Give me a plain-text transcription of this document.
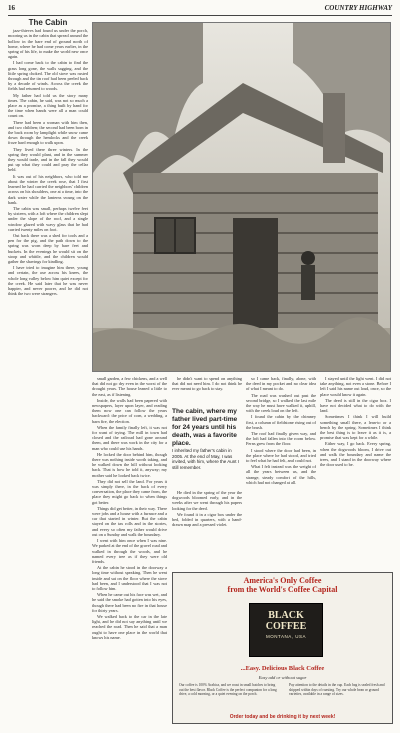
16	COUNTRY HIGHWAY
The Cabin

jazz-thieves had found us under the porch, mooring us in the cabin that spread around the hollow in the bare end of ground north of home, where he had come years earlier, in the spring of his life, to make the world new once again.

I had come back to the cabin to find the grass long gone, the walls sagging, and the little spring choked. The old stove was rusted through and the tin roof had been peeled back by a decade of winds. Across the creek the fields had returned to woods.

My father had told us the story many times. The cabin, he said, was not so much a place as a promise, a thing built by hand for the time when hands were all a man could count on.

There had been a woman with him then, and two children; the second had been born in the back room by lamplight while snow came down through the hemlocks and the creek froze hard enough to walk upon.

They lived there three winters. In the spring they would plant, and in the summer they would trade, and in the fall they would put up what they could and pray the cellar held.

It was out of his neighbors, who told me about the winter the creek rose, that I first learned he had carried the neighbors' children across on his shoulders, one at a time, into the dark water while the lanterns swung on the bank.

The cabin was small, perhaps twelve feet by sixteen, with a loft where the children slept under the slope of the roof, and a single window glazed with wavy glass that he had carried twenty miles on foot.

Out back there was a shed for tools and a pen for the pig, and the path down to the spring was worn deep by bare feet and buckets. In the evenings he would sit on the stoop and whittle, and the children would gather the shavings for kindling.

I have tried to imagine him there, young and certain, the axe across his knees, the whole long valley below him quiet except for the creek. He said later that he was never happier, and never poorer, and he did not think the two were strangers.

small garden, a few chickens, and a well that did not go dry even in the worst of the drought years. The house leaned a little to the east, as if listening.

Inside, the walls had been papered with newspapers, layer upon layer, and reading them now one can follow the years backward: the price of corn, a wedding, a barn fire, the election.

When the family finally left, it was not for want of trying. The mill in town had closed and the railroad had gone around them, and there was work in the city for a man who could use his hands.

He locked the door behind him, though there was nothing inside worth taking, and he walked down the hill without looking back. That is how he told it, anyway; my mother said he looked back twice.

They did not sell the land. For years it was simply there, in the back of every conversation, the place they came from, the place they might go back to when things got better.

Things did get better, in their way. There were jobs and a house with a furnace and a car that started in winter. But the cabin stayed on the tax rolls and in the stories, and every so often my father would drive out on a Sunday and walk the boundary.

I went with him once when I was nine. We parked at the end of the gravel road and walked in through the woods, and he named every tree as if they were old friends.

At the cabin he stood in the doorway a long time without speaking. Then he went inside and sat on the floor where the stove had been, and I understood that I was not to follow him.

When he came out his face was wet, and he said the smoke had gotten into his eyes, though there had been no fire in that house for thirty years.

We walked back to the car in the late light, and he did not say anything until we reached the road. Then he said that a man ought to have one place in the world that knows his name.

he didn't want to spend on anything that did not need him. I do not think he ever meant to go back to stay.

He died in the spring of the year the dogwoods bloomed early, and in the weeks after we went through his papers looking for the deed.

We found it in a cigar box under the bed, folded in quarters, with a hand-drawn map and a pressed violet.

so I came back, finally, alone, with the deed in my pocket and no clear idea of what I meant to do.

The road was washed out past the second bridge, so I walked the last mile the way he must have walked it, uphill, with the creek loud on the left.

I found the cabin by the chimney first, a column of fieldstone rising out of the brush.

The roof had finally given way, and the loft had fallen into the room below. Ferns grew from the floor.

I stood where the door had been, in the place where he had stood, and tried to feel what he had felt, and could not.

What I felt instead was the weight of all the years between us, and the strange, steady comfort of the hills, which had not changed at all.

I stayed until the light went. I did not take anything, not even a stone. Before I left I said his name out loud, once, so the place would know it again.

The deed is still in the cigar box. I have not decided what to do with the land.

Sometimes I think I will build something small there, a lean-to or a bench by the spring. Sometimes I think the best thing is to leave it as it is, a promise that was kept for a while.

Either way, I go back. Every spring, when the dogwoods bloom, I drive out and walk the boundary and name the trees, and I stand in the doorway where the door used to be.

The cabin, where my father lived part-time for 24 years until his death, was a favorite place.
I inherited my father's cabin in 2005. At the end of May, I was invited, with him, where the Aunt I still remember.
America's Only Coffee
from the World's Coffee Capital
BLACK COFFEE
MONTANA, USA
...Easy. Delicious Black Coffee
Easy add or without sugar
Our coffee is 100% Arabica, and we roast in small batches to bring out the best flavor. Black Coffee is the perfect companion for a long drive, a cold morning, or a quiet evening on the porch.
Pay attention to the details in the cup. Each bag is sealed fresh and shipped within days of roasting. Try our whole bean or ground varieties, available in a range of sizes.
Order today and be drinking it by next week!
